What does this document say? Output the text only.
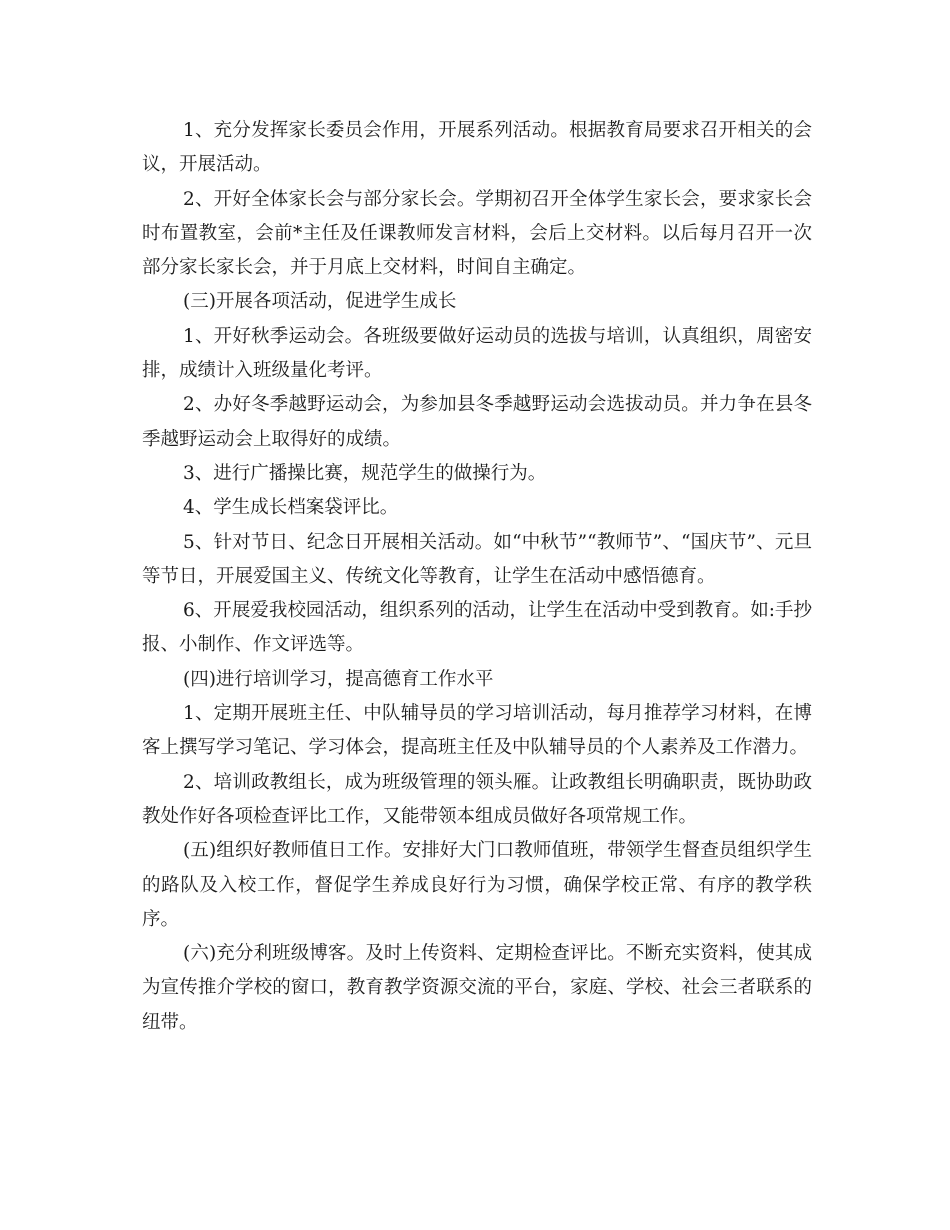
1、充分发挥家长委员会作用，开展系列活动。根据教育局要求召开相关的会议，开展活动。

2、开好全体家长会与部分家长会。学期初召开全体学生家长会，要求家长会时布置教室，会前*主任及任课教师发言材料，会后上交材料。以后每月召开一次部分家长家长会，并于月底上交材料，时间自主确定。

(三)开展各项活动，促进学生成长

1、开好秋季运动会。各班级要做好运动员的选拔与培训，认真组织，周密安排，成绩计入班级量化考评。

2、办好冬季越野运动会，为参加县冬季越野运动会选拔动员。并力争在县冬季越野运动会上取得好的成绩。

3、进行广播操比赛，规范学生的做操行为。

4、学生成长档案袋评比。

5、针对节日、纪念日开展相关活动。如“中秋节”“教师节”、“国庆节”、元旦等节日，开展爱国主义、传统文化等教育，让学生在活动中感悟德育。

6、开展爱我校园活动，组织系列的活动，让学生在活动中受到教育。如:手抄报、小制作、作文评选等。

(四)进行培训学习，提高德育工作水平

1、定期开展班主任、中队辅导员的学习培训活动，每月推荐学习材料，在博客上撰写学习笔记、学习体会，提高班主任及中队辅导员的个人素养及工作潜力。

2、培训政教组长，成为班级管理的领头雁。让政教组长明确职责，既协助政教处作好各项检查评比工作，又能带领本组成员做好各项常规工作。

(五)组织好教师值日工作。安排好大门口教师值班，带领学生督查员组织学生的路队及入校工作，督促学生养成良好行为习惯，确保学校正常、有序的教学秩序。

(六)充分利班级博客。及时上传资料、定期检查评比。不断充实资料，使其成为宣传推介学校的窗口，教育教学资源交流的平台，家庭、学校、社会三者联系的纽带。
